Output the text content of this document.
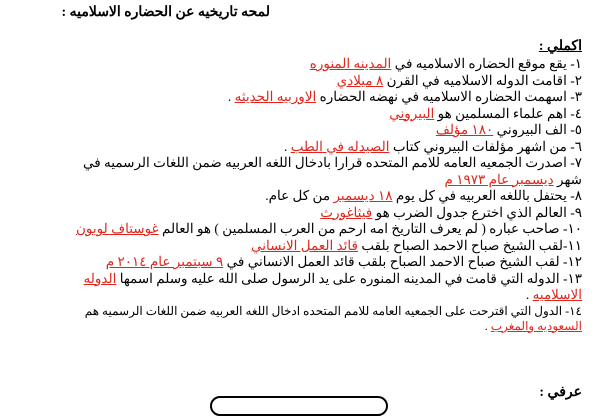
لمحه تاريخيه عن الحضاره الاسلاميه :
اكملي :
١- يقع موقع الحضاره الاسلاميه في المدينه المنوره
٢- اقامت الدوله الاسلاميه في القرن ٨ ميلادي
٣- اسهمت الحضاره الاسلاميه في نهضه الحضاره الاوربيه الحديثه .
٤- اهم علماء المسلمين هو البيروني
٥- الف البيروني ١٨٠ مؤلف
٦- من اشهر مؤلفات البيروني كتاب الصيدله في الطب .
٧- اصدرت الجمعيه العامه للامم المتحده قرارا بادخال اللغه العربيه ضمن اللغات الرسميه في
شهر ديسمبر عام ١٩٧٣ م
٨- يحتفل باللغه العربيه في كل يوم ١٨ ديسمبر من كل عام.
٩- العالم الذي اخترع جدول الضرب هو فيثاغورث
١٠- صاحب عباره ( لم يعرف التاريخ امه ارحم من العرب المسلمين ) هو العالم غوستاف لوبون
١١-لقب الشيخ صباح الاحمد الصباح بلقب قائد العمل الانساني
١٢- لقب الشيخ صباح الاحمد الصباح بلقب قائد العمل الانساني في ٩ سبتمبر عام ٢٠١٤ م
١٣- الدوله التي قامت في المدينه المنوره على يد الرسول صلى الله عليه وسلم اسمها الدوله
الاسلاميه .
١٤- الدول التي اقترحت على الجمعيه العامه للامم المتحده ادخال اللغه العربيه ضمن اللغات الرسميه هم
السعوديه والمغرب .
عرفي :
